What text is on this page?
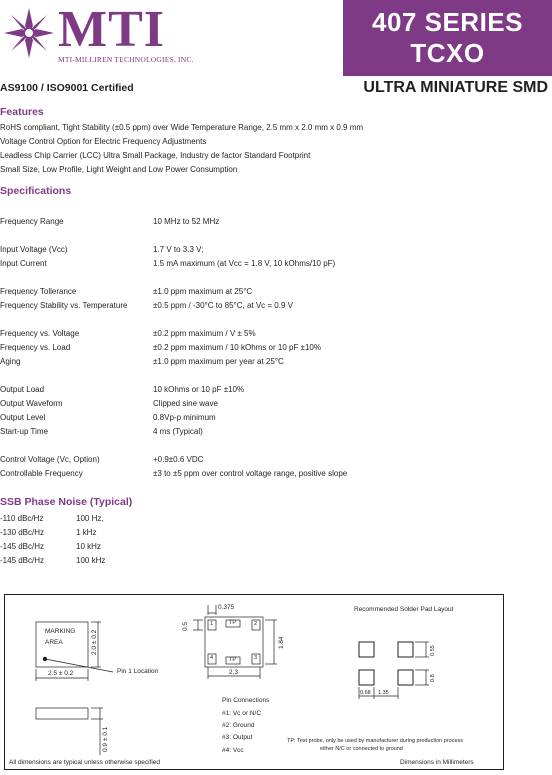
MTI
MTI-MILLIREN TECHNOLOGIES, INC.
407 SERIES
TCXO
AS9100 / ISO9001 Certified	ULTRA MINIATURE SMD
Features
RoHS compliant, Tight Stability (±0.5 ppm) over Wide Temperature Range, 2.5 mm x 2.0 mm x 0.9 mm
Voltage Control Option for Electric Frequency Adjustments
Leadless Chip Carrier (LCC) Ultra Small Package, Industry de factor Standard Footprint
Small Size, Low Profile, Light Weight and Low Power Consumption
Specifications
Frequency Range	10 MHz to 52 MHz
Input Voltage (Vcc)	1.7 V to 3.3 V;
Input Current	1.5 mA maximum (at Vcc = 1.8 V, 10 kOhms/10 pF)
Frequency Tollerance	±1.0 ppm maximum at 25°C
Frequency Stability vs. Temperature	±0.5 ppm / -30°C to 85°C, at Vc = 0.9 V
Frequency vs. Voltage	±0.2 ppm maximum / V ± 5%
Frequency vs. Load	±0.2 ppm maximum / 10 kOhms or 10 pF ±10%
Aging	±1.0 ppm maximum per year at 25°C
Output Load	10 kOhms or 10 pF ±10%
Output Waveform	Clipped sine wave
Output Level	0.8Vp-p minimum
Start-up Time	4 ms (Typical)
Control Voltage (Vc, Option)	+0.9±0.6 VDC
Controllable Frequency	±3 to ±5 ppm over control voltage range, positive slope
SSB Phase Noise (Typical)
-110 dBc/Hz	100 Hz,
-130 dBc/Hz	1 kHz
-145 dBc/Hz	10 kHz
-145 dBc/Hz	100 kHz
MARKING
AREA	2.0 ± 0.2
2.5 ± 0.2	Pin 1 Location
0.9 ± 0.1
0.375
0.5
1.84
2.3
1	2
3
4
TP
TP
Pin Connections
#1: Vc or N/C
#2: Ground
#3: Output
#4: Vcc
Recommended Solder Pad Layout
0.55
0.8
0.68 1.35
TP: Test probe, only be used by manufacturer during production process
either N/C or connected to ground
All dimensions are typical unless otherwise specified	Dimensions in Millimeters
